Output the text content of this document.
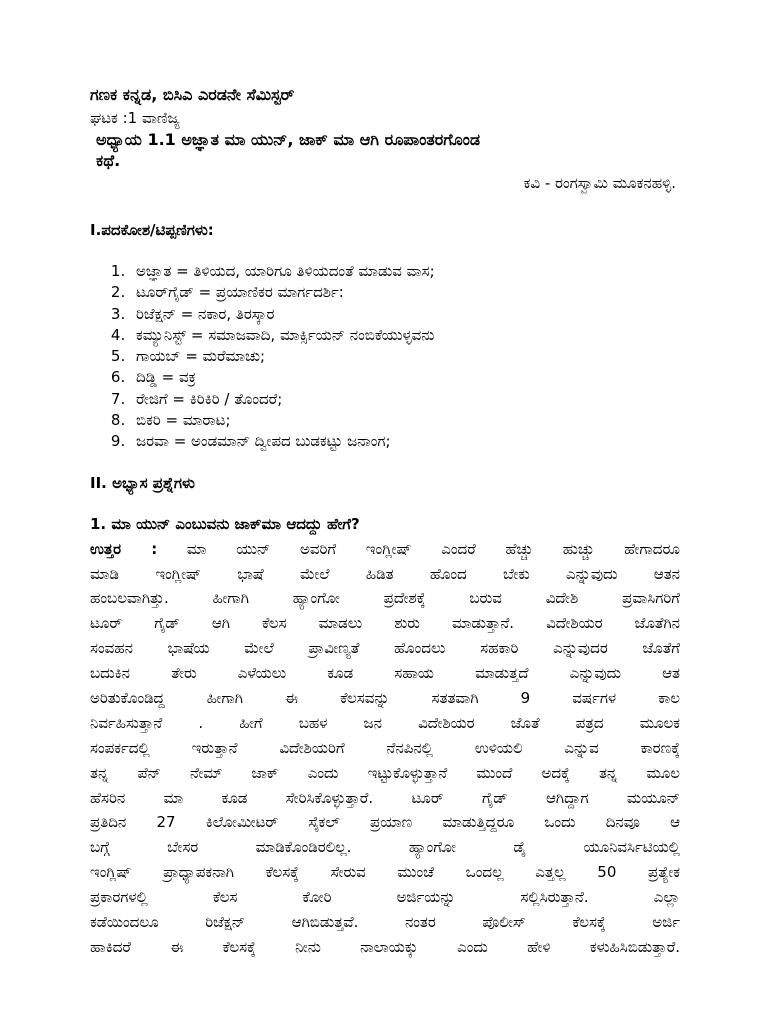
ಗಣಕ ಕನ್ನಡ, ಬಿಸಿಎ ಎರಡನೇ ಸೆಮಿಸ್ಟರ್
ಘಟಕ :1 ವಾಣಿಜ್ಯ
ಅಧ್ಯಾಯ 1.1 ಅಜ್ಞಾತ ಮಾ ಯುನ್, ಜಾಕ್ ಮಾ ಆಗಿ ರೂಪಾಂತರಗೊಂಡ
ಕಥೆ.
ಕವಿ - ರಂಗಸ್ವಾಮಿ ಮೂಕನಹಳ್ಳಿ.
I.ಪದಕೋಶ/ಟಿಪ್ಪಣಿಗಳು:
1. ಅಜ್ಞಾತ = ತಿಳಿಯದ, ಯಾರಿಗೂ ತಿಳಿಯದಂತೆ ಮಾಡುವ ವಾಸ;
2. ಟೂರ್‌ಗೈಡ್ = ಪ್ರಯಾಣಿಕರ ಮಾರ್ಗದರ್ಶಿ:
3. ರಿಜೆಕ್ಷನ್ = ನಕಾರ, ತಿರಸ್ಕಾರ
4. ಕಮ್ಯುನಿಸ್ಟ್ = ಸಮಾಜವಾದಿ, ಮಾರ್ಕ್ಸಿಯನ್ ನಂಬಿಕೆಯುಳ್ಳವನು
5. ಗಾಯಬ್ = ಮರೆಮಾಚು;
6. ದಿಡ್ಡಿ = ವಕ್ರ
7. ರೇಜಿಗೆ = ಕಿರಿಕಿರಿ / ತೊಂದರೆ;
8. ಬಿಕರಿ = ಮಾರಾಟ;
9. ಜರವಾ = ಅಂಡಮಾನ್ ದ್ವೀಪದ ಬುಡಕಟ್ಟು ಜನಾಂಗ;
II. ಅಭ್ಯಾಸ ಪ್ರಶ್ನೆಗಳು
1. ಮಾ ಯುನ್ ಎಂಬುವನು ಜಾಕ್‌ಮಾ ಆದದ್ದು ಹೇಗೆ?
ಉತ್ತರ : ಮಾ ಯುನ್ ಅವರಿಗೆ ಇಂಗ್ಲೀಷ್ ಎಂದರೆ ಹೆಚ್ಚು ಹುಚ್ಚು ಹೇಗಾದರೂ
ಮಾಡಿ ಇಂಗ್ಲೀಷ್ ಭಾಷೆ ಮೇಲೆ ಹಿಡಿತ ಹೊಂದ ಬೇಕು ಎನ್ನುವುದು ಆತನ
ಹಂಬಲವಾಗಿತ್ತು. ಹೀಗಾಗಿ ಹ್ಯಾಂಗೋ ಪ್ರದೇಶಕ್ಕೆ ಬರುವ ವಿದೇಶಿ ಪ್ರವಾಸಿಗರಿಗೆ
ಟೂರ್ ಗೈಡ್ ಆಗಿ ಕೆಲಸ ಮಾಡಲು ಶುರು ಮಾಡುತ್ತಾನೆ. ವಿದೇಶಿಯರ ಜೊತೆಗಿನ
ಸಂವಹನ ಭಾಷೆಯ ಮೇಲೆ ಪ್ರಾವೀಣ್ಯತೆ ಹೊಂದಲು ಸಹಕಾರಿ ಎನ್ನುವುದರ ಜೊತೆಗೆ
ಬದುಕಿನ ತೇರು ಎಳೆಯಲು ಕೂಡ ಸಹಾಯ ಮಾಡುತ್ತದೆ ಎನ್ನುವುದು ಆತ
ಅರಿತುಕೊಂಡಿದ್ದ ಹೀಗಾಗಿ ಈ ಕೆಲಸವನ್ನು ಸತತವಾಗಿ 9 ವರ್ಷಗಳ ಕಾಲ
ನಿರ್ವಹಿಸುತ್ತಾನೆ . ಹೀಗೆ ಬಹಳ ಜನ ವಿದೇಶಿಯರ ಜೊತೆ ಪತ್ರದ ಮೂಲಕ
ಸಂಪರ್ಕದಲ್ಲಿ ಇರುತ್ತಾನೆ ವಿದೇಶಿಯರಿಗೆ ನೆನಪಿನಲ್ಲಿ ಉಳಿಯಲಿ ಎನ್ನುವ ಕಾರಣಕ್ಕೆ
ತನ್ನ ಪೆನ್ ನೇಮ್ ಜಾಕ್ ಎಂದು ಇಟ್ಟುಕೊಳ್ಳುತ್ತಾನೆ ಮುಂದೆ ಅದಕ್ಕೆ ತನ್ನ ಮೂಲ
ಹೆಸರಿನ ಮಾ ಕೂಡ ಸೇರಿಸಿಕೊಳ್ಳುತ್ತಾರೆ. ಟೂರ್ ಗೈಡ್ ಆಗಿದ್ದಾಗ ಮಯೂನ್
ಪ್ರತಿದಿನ 27 ಕಿಲೋಮೀಟರ್ ಸೈಕಲ್ ಪ್ರಯಾಣ ಮಾಡುತ್ತಿದ್ದರೂ ಒಂದು ದಿನವೂ ಆ
ಬಗ್ಗೆ ಬೇಸರ ಮಾಡಿಕೊಂಡಿರಲಿಲ್ಲ. ಹ್ಯಾಂಗೋ ಡೈ ಯೂನಿವರ್ಸಿಟಿಯಲ್ಲಿ
ಇಂಗ್ಲಿಷ್ ಪ್ರಾಧ್ಯಾಪಕನಾಗಿ ಕೆಲಸಕ್ಕೆ ಸೇರುವ ಮುಂಚೆ ಒಂದಲ್ಲ ಎತ್ತಲ್ಲ 50 ಪ್ರತ್ಯೇಕ
ಪ್ರಕಾರಗಳಲ್ಲಿ ಕೆಲಸ ಕೋರಿ ಅರ್ಜಿಯನ್ನು ಸಲ್ಲಿಸಿರುತ್ತಾನೆ. ಎಲ್ಲಾ
ಕಡೆಯಿಂದಲೂ ರಿಜೆಕ್ಷನ್ ಆಗಿಬಿಡುತ್ತವೆ. ನಂತರ ಪೊಲೀಸ್ ಕೆಲಸಕ್ಕೆ ಅರ್ಜಿ
ಹಾಕಿದರೆ ಈ ಕೆಲಸಕ್ಕೆ ನೀನು ನಾಲಾಯಕ್ಕು ಎಂದು ಹೇಳಿ ಕಳುಹಿಸಿಬಿಡುತ್ತಾರೆ.
